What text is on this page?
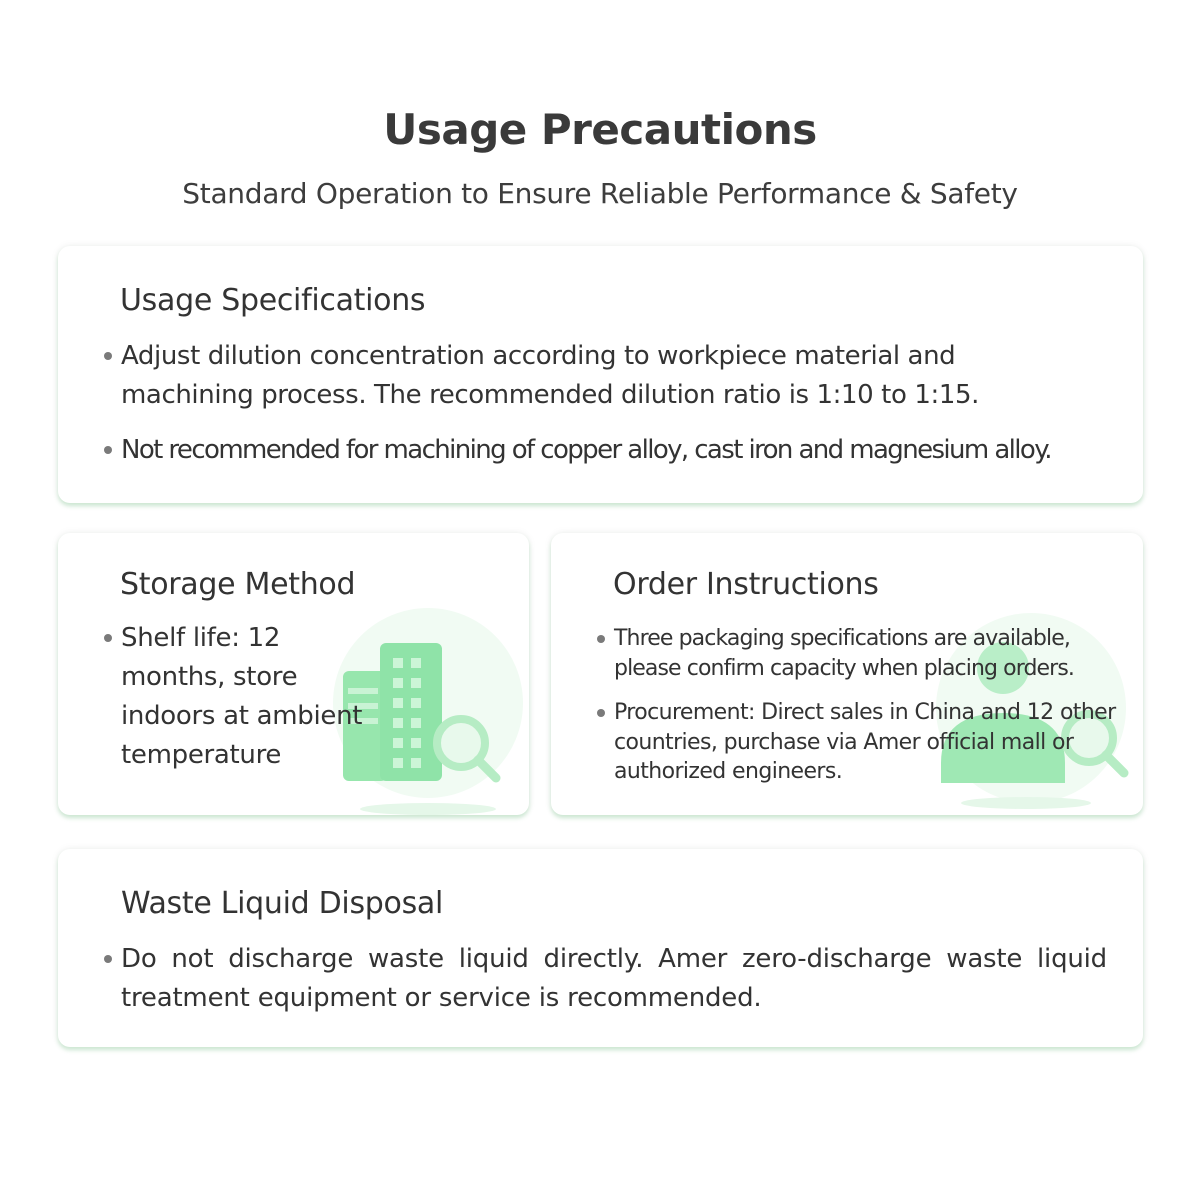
Usage Precautions
Standard Operation to Ensure Reliable Performance & Safety
Usage Specifications
Adjust dilution concentration according to workpiece material and machining process. The recommended dilution ratio is 1:10 to 1:15.
Not recommended for machining of copper alloy, cast iron and magnesium alloy.
Shelf life: 12 months, store indoors at ambient temperature
Storage Method	Order Instructions
Three packaging specifications are available, please confirm capacity when placing orders.
Procurement: Direct sales in China and 12 other countries, purchase via Amer official mall or authorized engineers.
Waste Liquid Disposal
Do not discharge waste liquid directly. Amer zero-discharge waste liquid treatment equipment or service is recommended.
